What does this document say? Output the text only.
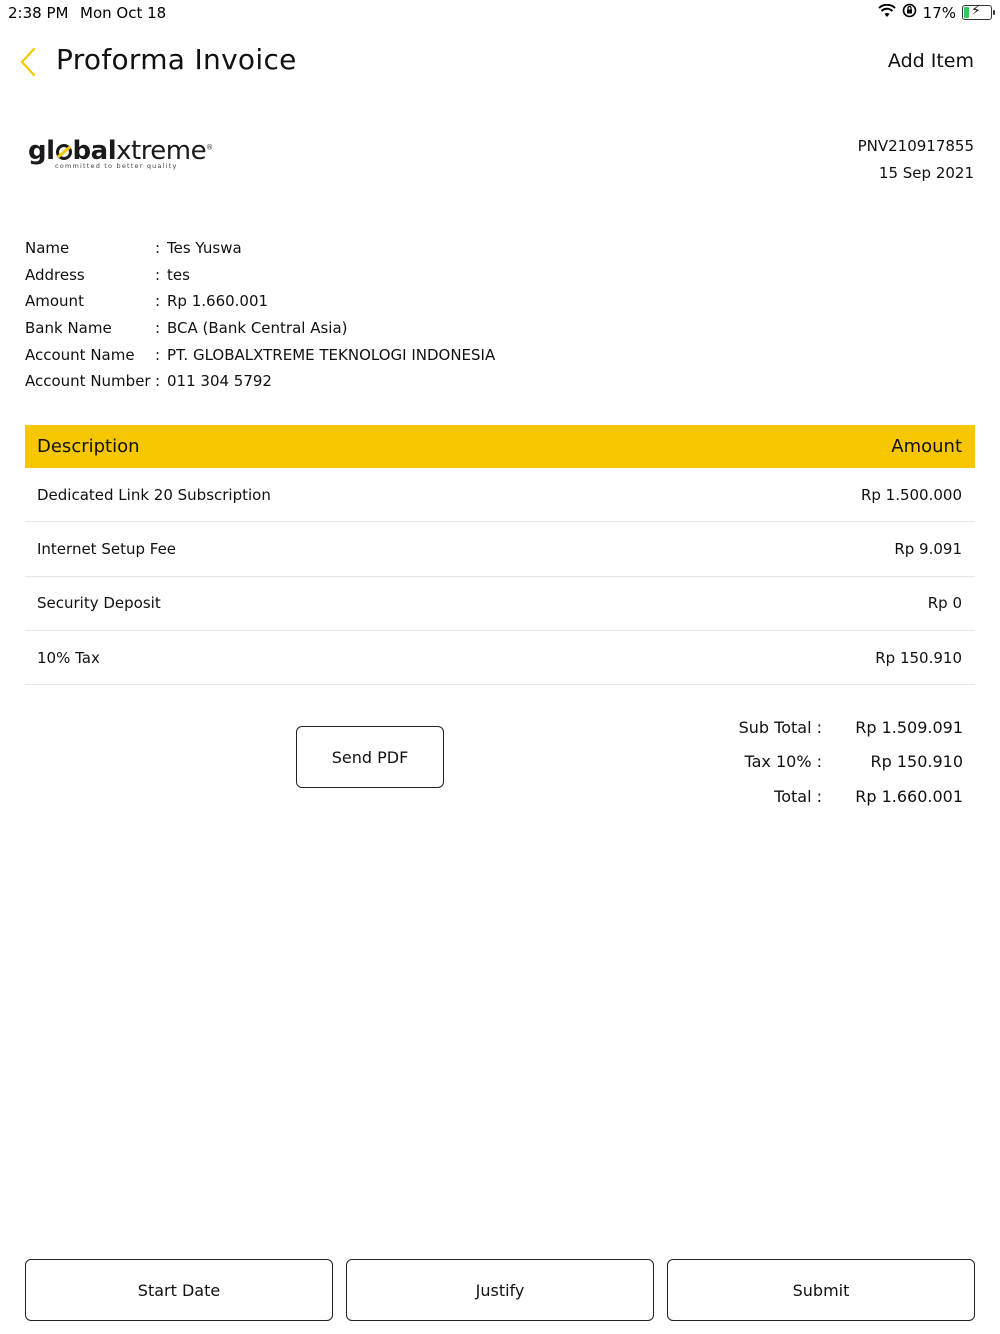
2:38 PM Mon Oct 18	17% ⚡
Proforma Invoice	Add Item
gl balxtreme®
committed to better quality
PNV210917855
15 Sep 2021
Name	: Tes Yuswa
Address	: tes
Amount	: Rp 1.660.001
Bank Name	: BCA (Bank Central Asia)
Account Name	: PT. GLOBALXTREME TEKNOLOGI INDONESIA
Account Number : 011 304 5792
Description	Amount
Dedicated Link 20 Subscription	Rp 1.500.000
Internet Setup Fee	Rp 9.091
Security Deposit	Rp 0
10% Tax	Rp 150.910
Send PDF
Sub Total :	Rp 1.509.091
Tax 10% :	Rp 150.910
Total :	Rp 1.660.001
Start Date	Justify	Submit
